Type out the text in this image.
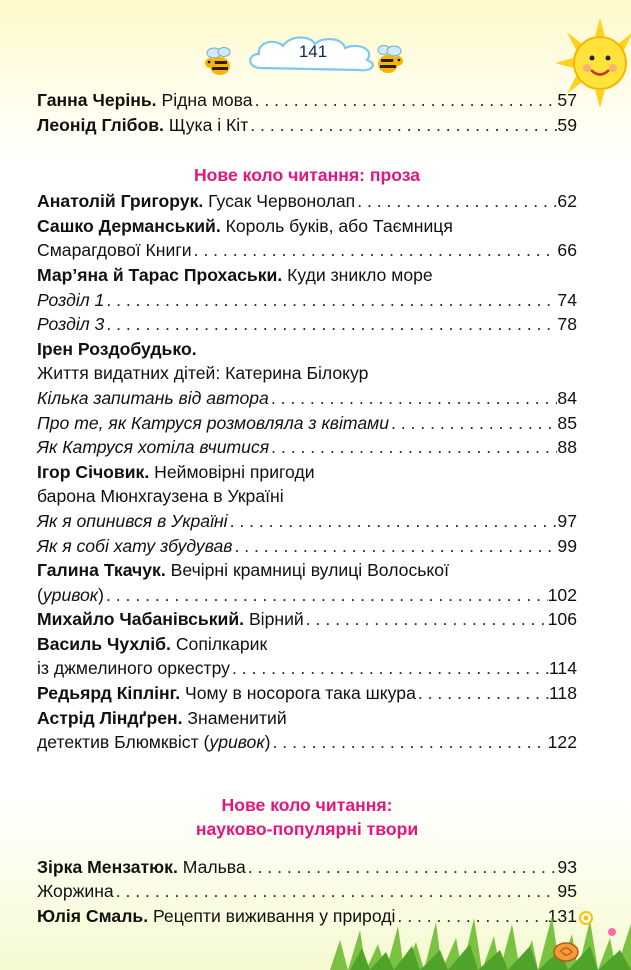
141
Ганна Черінь. Рідна мова . . .	57
Леонід Глібов. Щука і Кіт . . .	59
Нове коло читання: проза
Анатолій Григорук. Гусак Червонолап . . .	62
Сашко Дерманський. Король буків, або Таємниця
Смарагдової Книги . . .	66
Мар’яна й Тарас Прохаськи. Куди зникло море
Розділ 1 . . .	74
Розділ 3 . . .	78
Ірен Роздобудько.
Життя видатних дітей: Катерина Білокур
Кілька запитань від автора . . .	84
Про те, як Катруся розмовляла з квітами . . .	85
Як Катруся хотіла вчитися . . .	88
Ігор Січовик. Неймовірні пригоди
барона Мюнхгаузена в Україні
Як я опинився в Україні . . .	97
Як я собі хату збудував . . .	99
Галина Ткачук. Вечірні крамниці вулиці Волоської
(уривок) . . .	102
Михайло Чабанівський. Вірний . . .	106
Василь Чухліб. Сопілкарик
із джмелиного оркестру . . .	114
Редьярд Кіплінг. Чому в носорога така шкура . . .	118
Астрід Ліндґрен. Знаменитий
детектив Блюмквіст (уривок) . . .	122
Нове коло читання:
науково-популярні твори
Зірка Мензатюк. Мальва . . .	93
Жоржина . . .	95
Юлія Смаль. Рецепти виживання у природі . . .	131
